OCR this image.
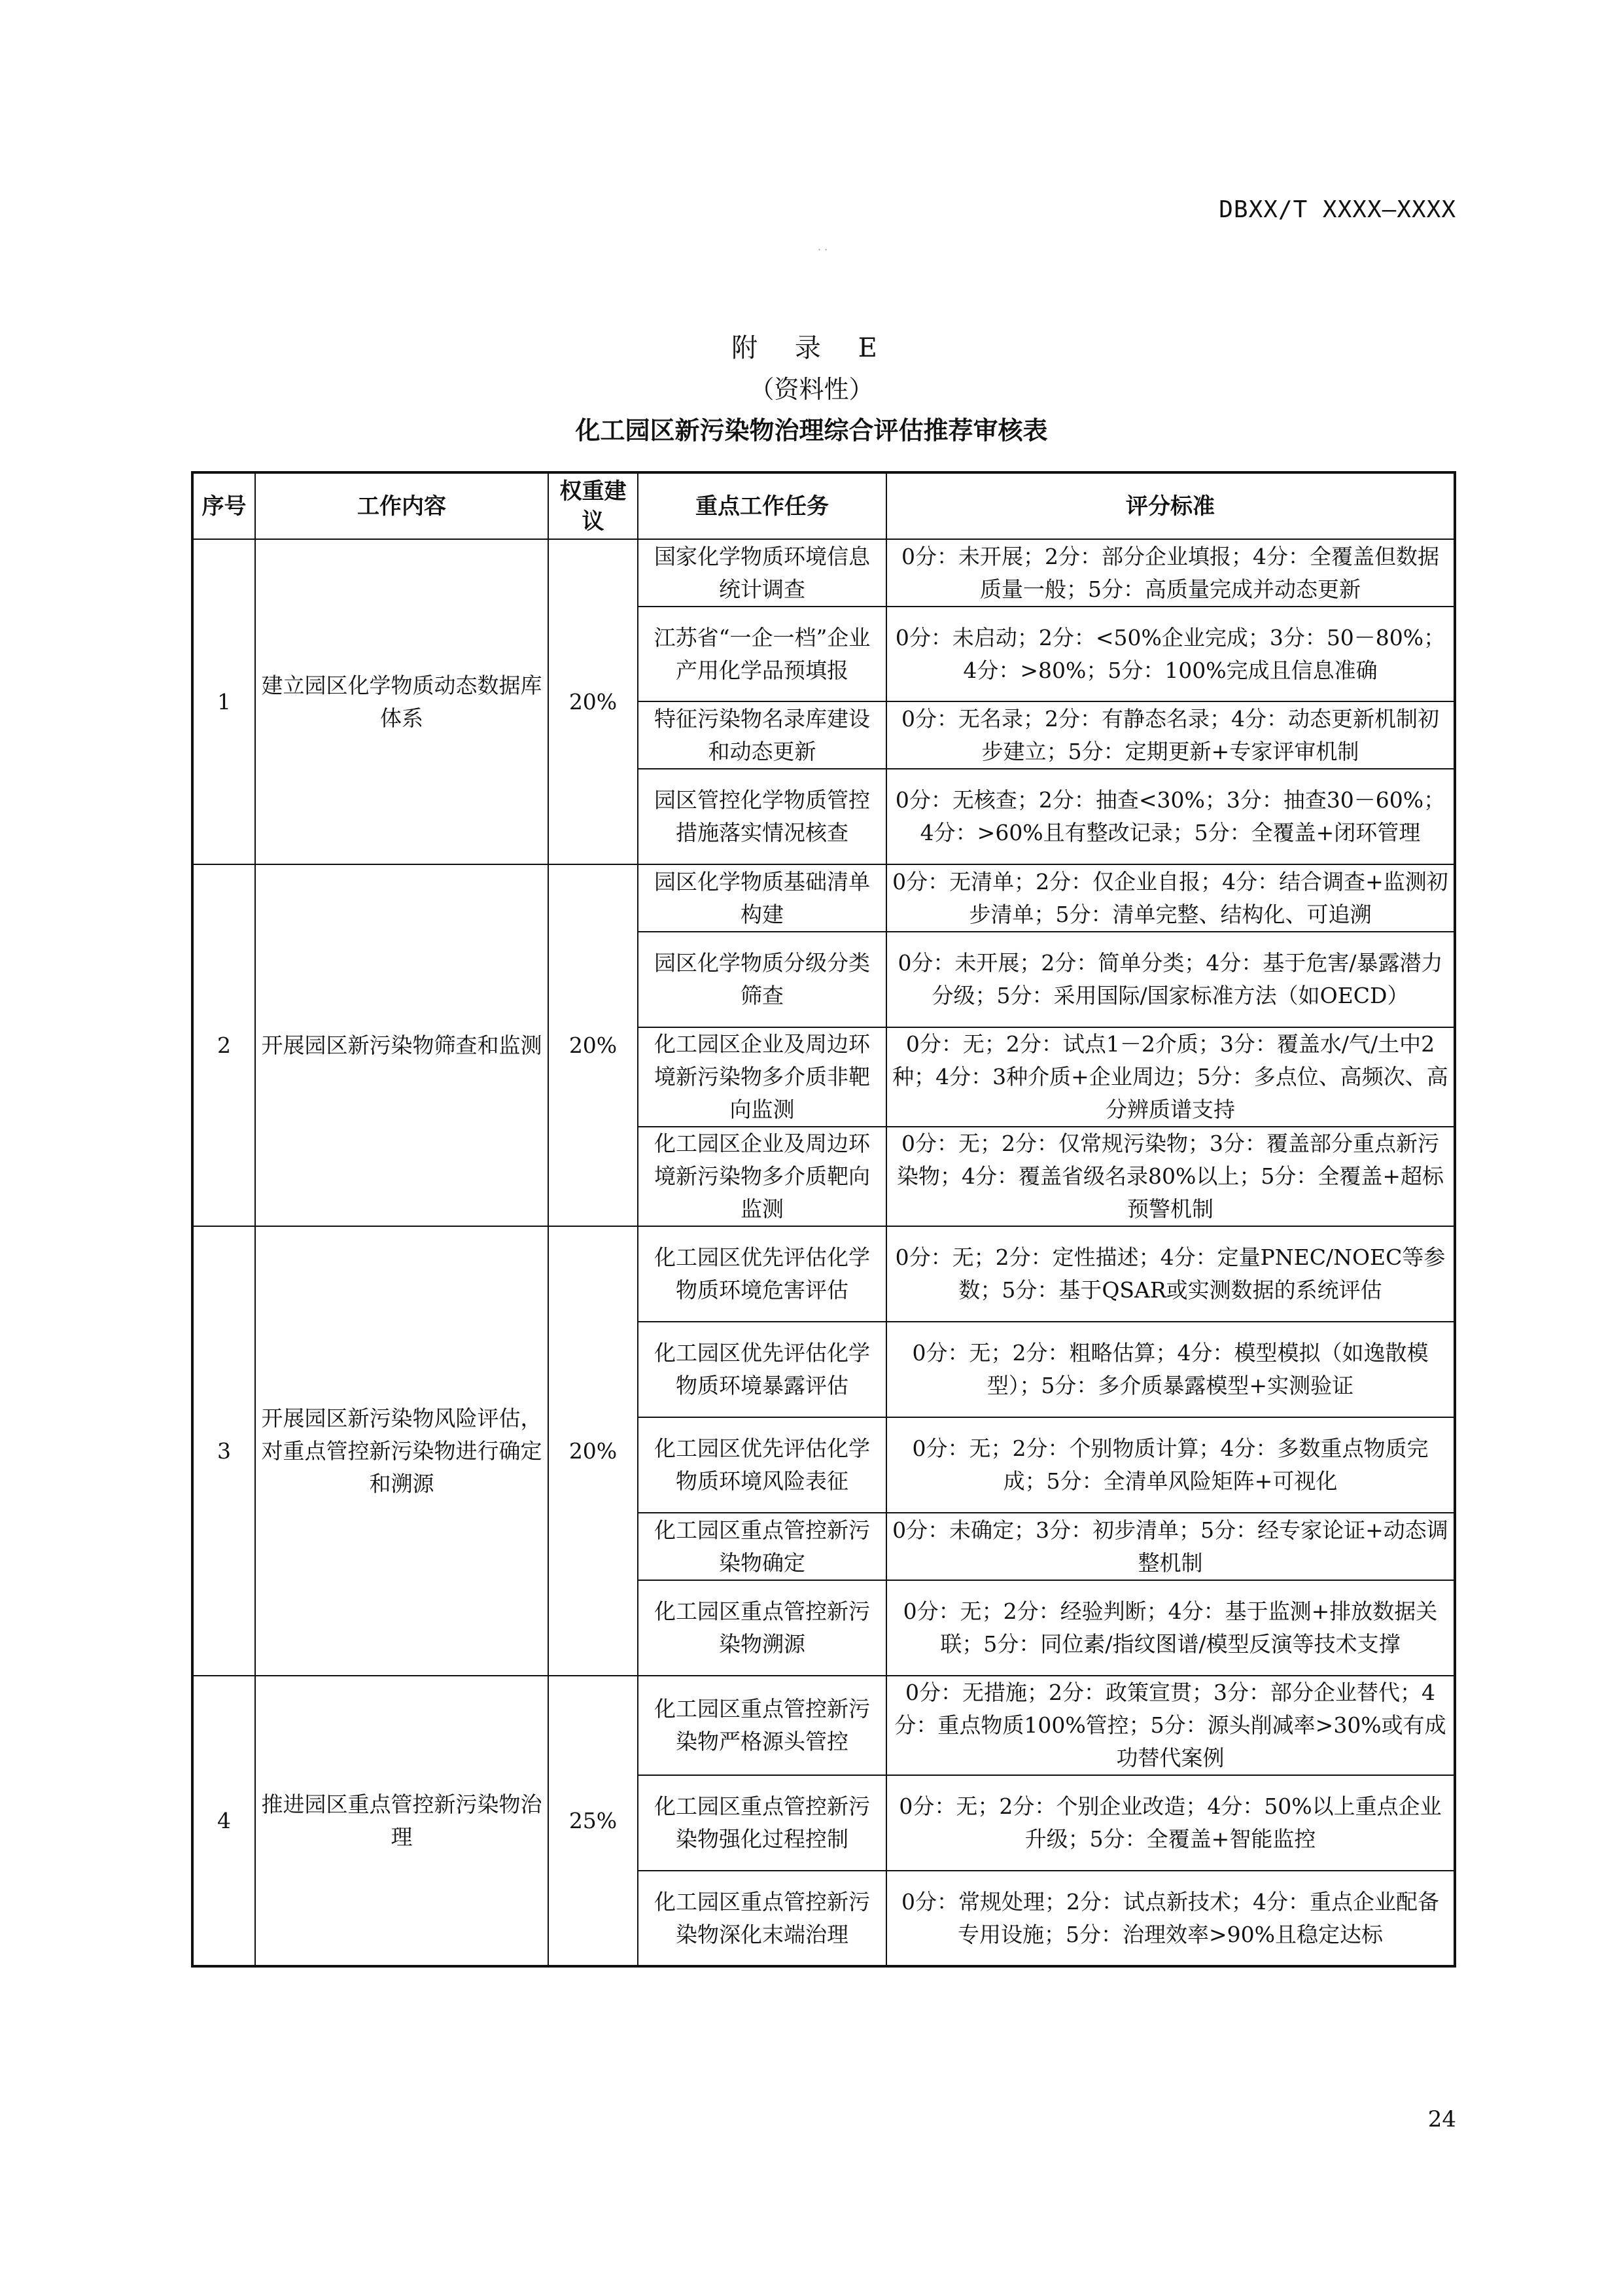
DBXX/T XXXX—XXXX
· ·
附 录 E
（资料性）
化工园区新污染物治理综合评估推荐审核表
序号	工作内容	权重建议	重点工作任务	评分标准
1	建立园区化学物质动态数据库体系	20%	国家化学物质环境信息统计调查	0分：未开展；2分：部分企业填报；4分：全覆盖但数据质量一般；5分：高质量完成并动态更新
			江苏省“一企一档”企业产用化学品预填报	0分：未启动；2分：<50%企业完成；3分：50－80%；4分：>80%；5分：100%完成且信息准确
			特征污染物名录库建设和动态更新	0分：无名录；2分：有静态名录；4分：动态更新机制初步建立；5分：定期更新+专家评审机制
			园区管控化学物质管控措施落实情况核查	0分：无核查；2分：抽查<30%；3分：抽查30－60%；4分：>60%且有整改记录；5分：全覆盖+闭环管理
2	开展园区新污染物筛查和监测	20%	园区化学物质基础清单构建	0分：无清单；2分：仅企业自报；4分：结合调查+监测初步清单；5分：清单完整、结构化、可追溯
			园区化学物质分级分类筛查	0分：未开展；2分：简单分类；4分：基于危害/暴露潜力分级；5分：采用国际/国家标准方法（如OECD）
			化工园区企业及周边环境新污染物多介质非靶向监测	0分：无；2分：试点1－2介质；3分：覆盖水/气/土中2种；4分：3种介质+企业周边；5分：多点位、高频次、高分辨质谱支持
			化工园区企业及周边环境新污染物多介质靶向监测	0分：无；2分：仅常规污染物；3分：覆盖部分重点新污染物；4分：覆盖省级名录80%以上；5分：全覆盖+超标预警机制
3	开展园区新污染物风险评估，对重点管控新污染物进行确定和溯源	20%	化工园区优先评估化学物质环境危害评估	0分：无；2分：定性描述；4分：定量PNEC/NOEC等参数；5分：基于QSAR或实测数据的系统评估
			化工园区优先评估化学物质环境暴露评估	0分：无；2分：粗略估算；4分：模型模拟（如逸散模型）；5分：多介质暴露模型+实测验证
			化工园区优先评估化学物质环境风险表征	0分：无；2分：个别物质计算；4分：多数重点物质完成；5分：全清单风险矩阵+可视化
			化工园区重点管控新污染物确定	0分：未确定；3分：初步清单；5分：经专家论证+动态调整机制
			化工园区重点管控新污染物溯源	0分：无；2分：经验判断；4分：基于监测+排放数据关联；5分：同位素/指纹图谱/模型反演等技术支撑
4	推进园区重点管控新污染物治理	25%	化工园区重点管控新污染物严格源头管控	0分：无措施；2分：政策宣贯；3分：部分企业替代；4分：重点物质100%管控；5分：源头削减率>30%或有成功替代案例
			化工园区重点管控新污染物强化过程控制	0分：无；2分：个别企业改造；4分：50%以上重点企业升级；5分：全覆盖+智能监控
			化工园区重点管控新污染物深化末端治理	0分：常规处理；2分：试点新技术；4分：重点企业配备专用设施；5分：治理效率>90%且稳定达标
24
